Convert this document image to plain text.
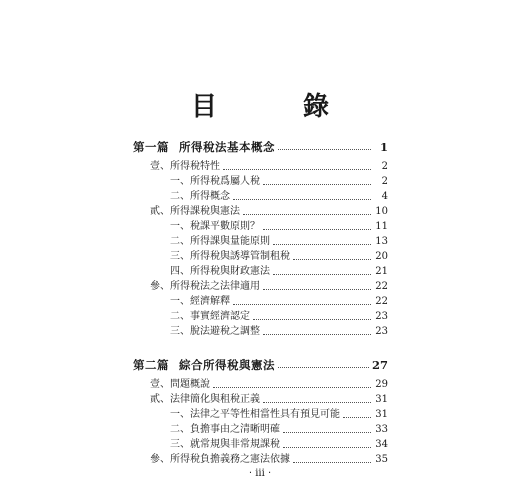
目　錄
第一篇 所得稅法基本概念	1
壹、所得稅特性	2
一、所得稅爲屬人稅	2
二、所得概念	4
貳、所得課稅與憲法	10
一、稅課平數原則？	11
二、所得課與量能原則	13
三、所得稅與誘導管制租稅	20
四、所得稅與財政憲法	21
參、所得稅法之法律適用	22
一、經濟解釋	22
二、事實經濟認定	23
三、脫法避稅之調整	23
第二篇 綜合所得稅與憲法	27
壹、問題概說	29
貳、法律簡化與租稅正義	31
一、法律之平等性相當性具有預見可能	31
二、負擔事由之清晰明確	33
三、就常規與非常規課稅	34
參、所得稅負擔義務之憲法依據	35
‧ iii ‧
